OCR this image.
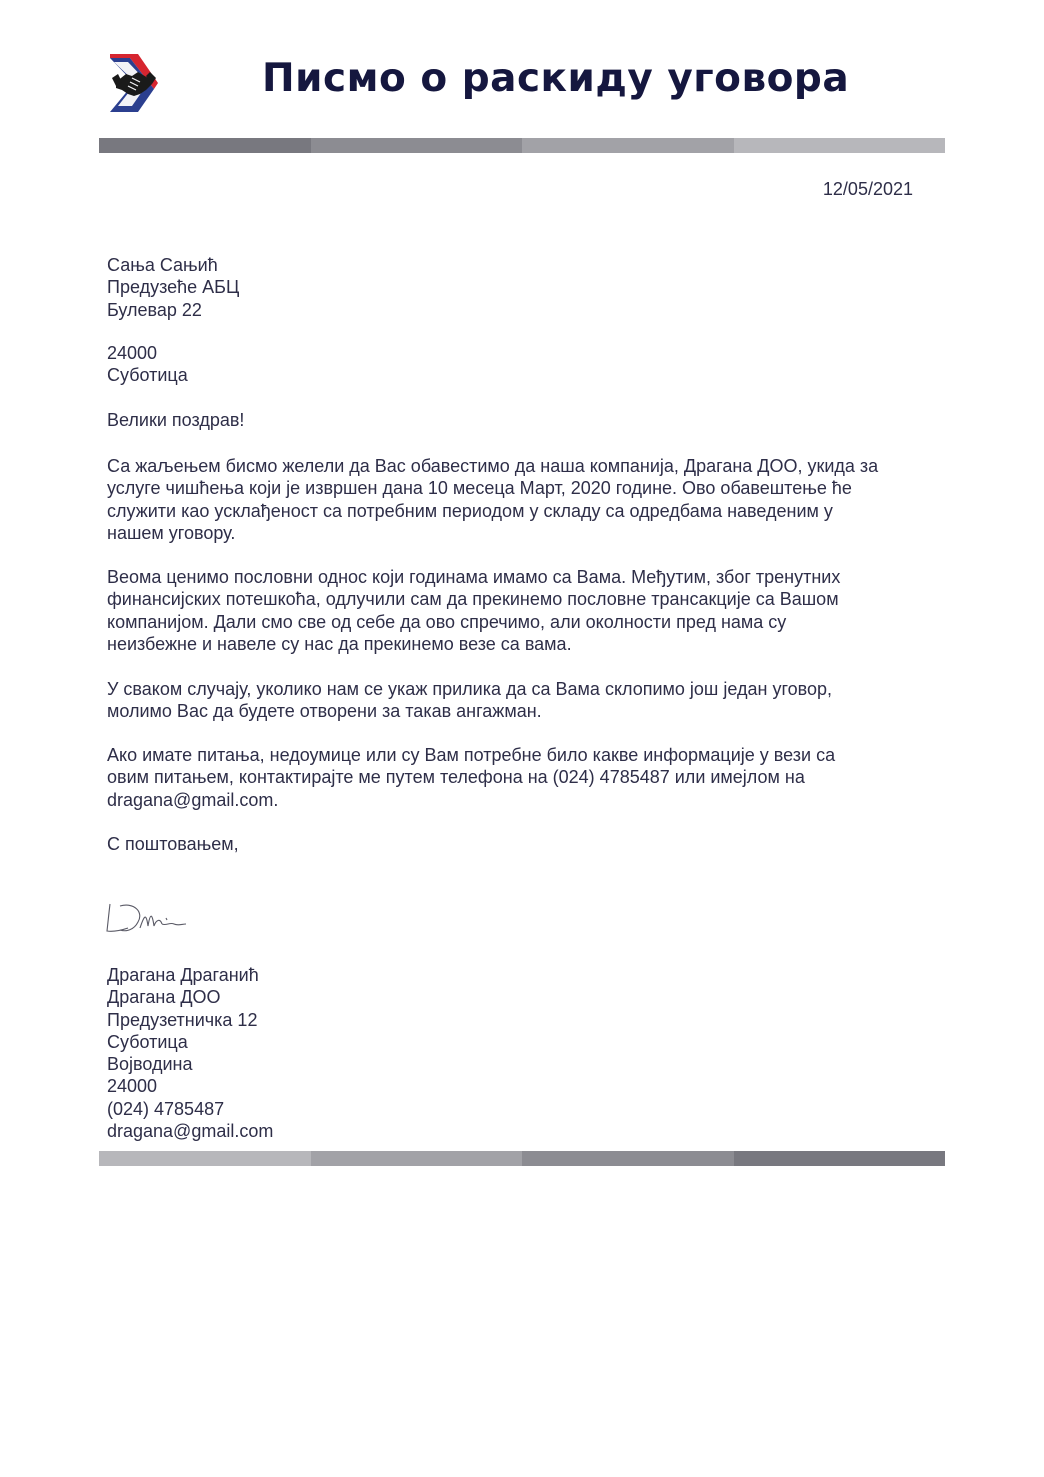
Писмо о раскиду уговора
12/05/2021
Сања Сањић
Предузеће АБЦ
Булевар 22
24000
Суботица
Велики поздрав!
Са жаљењем бисмо желели да Вас обавестимо да наша компанија, Драгана ДОО, укида за
услуге чишћења који је извршен дана 10 месеца Март, 2020 године. Ово обавештење ће
служити као усклађеност са потребним периодом у складу са одредбама наведеним у
нашем уговору.
Веома ценимо пословни однос који годинама имамо са Вама. Међутим, због тренутних
финансијских потешкоћа, одлучили сам да прекинемо пословне трансакције са Вашом
компанијом. Дали смо све од себе да ово спречимо, али околности пред нама су
неизбежне и навеле су нас да прекинемо везе са вама.
У сваком случају, уколико нам се укаж прилика да са Вама склопимо још један уговор,
молимо Вас да будете отворени за такав ангажман.
Ако имате питања, недоумице или су Вам потребне било какве информације у вези са
овим питањем, контактирајте ме путем телефона на (024) 4785487 или имејлом на
dragana@gmail.com.
С поштовањем,
Драгана Драганић
Драгана ДОО
Предузетничка 12
Суботица
Војводина
24000
(024) 4785487
dragana@gmail.com
